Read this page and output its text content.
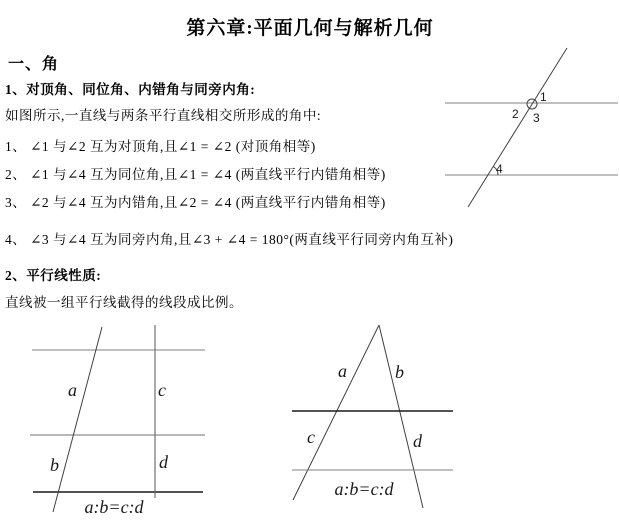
第六章:平面几何与解析几何
一、角
1、对顶角、同位角、内错角与同旁内角:
如图所示,一直线与两条平行直线相交所形成的角中:
1、 ∠1 与∠2 互为对顶角,且∠1 = ∠2 (对顶角相等)
2、 ∠1 与∠4 互为同位角,且∠1 = ∠4 (两直线平行内错角相等)
3、 ∠2 与∠4 互为内错角,且∠2 = ∠4 (两直线平行内错角相等)
4、 ∠3 与∠4 互为同旁内角,且∠3 + ∠4 = 180°(两直线平行同旁内角互补)
2、平行线性质:
直线被一组平行线截得的线段成比例。
1
2 3
4
a
b
c
d
a:b=c:d
a	b
c	d
a:b=c:d
